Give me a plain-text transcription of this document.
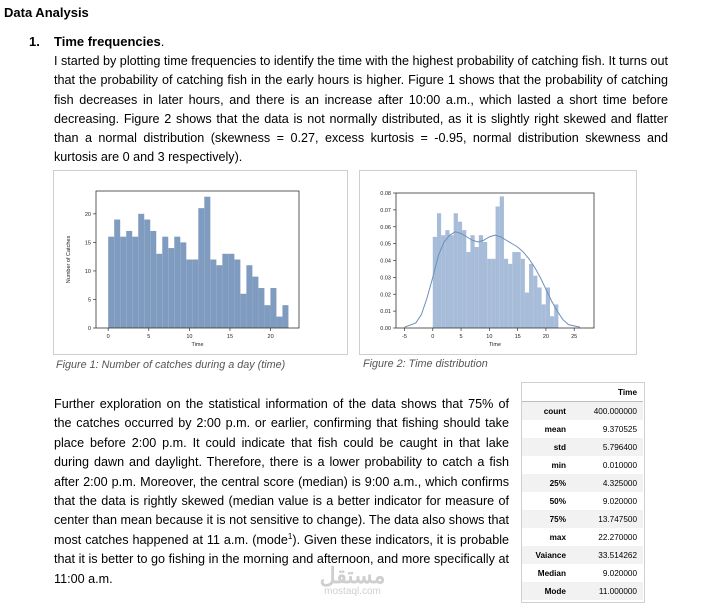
Data Analysis
1. Time frequencies.
I started by plotting time frequencies to identify the time with the highest probability of catching fish. It turns out that the probability of catching fish in the early hours is higher. Figure 1 shows that the probability of catching fish decreases in later hours, and there is an increase after 10:00 a.m., which lasted a short time before decreasing. Figure 2 shows that the data is not normally distributed, as it is slightly right skewed and flatter than a normal distribution (skewness = 0.27, excess kurtosis = -0.95, normal distribution skewness and kurtosis are 0 and 3 respectively).
0	5	10	15	20
0
5
10
15
20
Time
Number of Catches
-5	0	5	10	15	20	25
0.00
0.01
0.02
0.03
0.04
0.05
0.06
0.07
0.08
Time
Figure 1: Number of catches during a day (time)	Figure 2: Time distribution
Further exploration on the statistical information of the data shows that 75% of the catches occurred by 2:00 p.m. or earlier, confirming that fishing should take place before 2:00 p.m. It could indicate that fish could be caught in that lake during dawn and daylight. Therefore, there is a lower probability to catch a fish after 2:00 p.m. Moreover, the central score (median) is 9:00 a.m., which confirms that the data is rightly skewed (median value is a better indicator for measure of center than mean because it is not sensitive to change). The data also shows that most catches happened at 11 a.m. (mode$^1$). Given these indicators, it is probable that it is better to go fishing in the morning and afternoon, and more specifically at 11:00 a.m.
	Time
count	400.000000
mean	9.370525
std	5.796400
min	0.010000
25%	4.325000
50%	9.020000
75%	13.747500
max	22.270000
Vaiance	33.514262
Median	9.020000
Mode	11.000000
مستقل
mostaql.com
